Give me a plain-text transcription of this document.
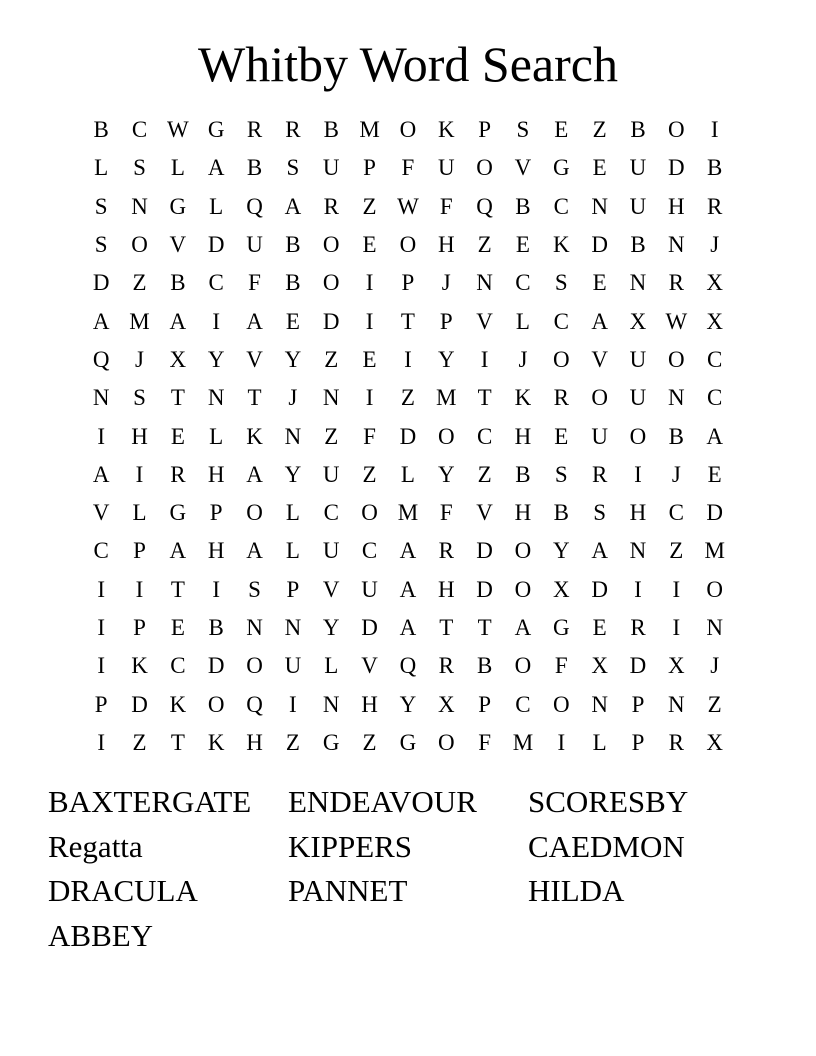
Whitby Word Search
B	C W G R	R	B M O K	P	S	E	Z	B O	I
L	S	L	A B	S	U	P	F	U O V G	E	U D B
S	N G	L	Q A R	Z W F	Q B	C N U H R
S	O V D U B O	E	O H	Z	E	K D B N	J
D	Z	B	C	F	B O	I	P	J	N C	S	E	N R X
A M A	I	A	E	D	I	T	P	V	L	C A X W X
Q	J	X Y V Y	Z	E	I	Y	I	J	O V U O C
N	S	T	N	T	J	N	I	Z M T	K R O U N C
I	H	E	L	K N	Z	F	D O C H	E	U O B A
A	I	R H A Y U	Z	L	Y	Z	B	S	R	I	J	E
V	L	G	P	O	L	C O M F	V H B	S	H C D
C	P	A H A	L	U C A R D O Y A N	Z M
I	I	T	I	S	P	V U A H D O X D	I	I	O
I	P	E	B N N Y D A	T	T	A G	E	R	I	N
I	K C D O U	L	V Q R	B O	F	X D X	J
P	D K O Q	I	N H Y X	P	C O N	P	N	Z
I	Z	T	K H	Z	G	Z	G O	F M	I	L	P	R X
BAXTERGATE	ENDEAVOUR	SCORESBY
Regatta	KIPPERS	CAEDMON
DRACULA	PANNET	HILDA
ABBEY
